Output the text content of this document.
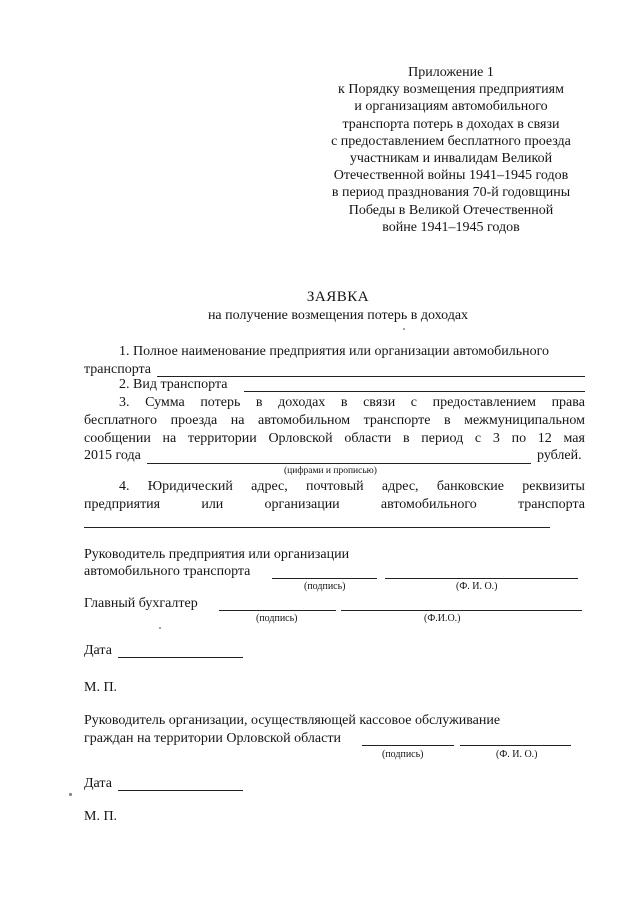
Приложение 1
к Порядку возмещения предприятиям
и организациям автомобильного
транспорта потерь в доходах в связи
с предоставлением бесплатного проезда
участникам и инвалидам Великой
Отечественной войны 1941–1945 годов
в период празднования 70-й годовщины
Победы в Великой Отечественной
войне 1941–1945 годов
ЗАЯВКА
на получение возмещения потерь в доходах
1. Полное наименование предприятия или организации автомобильного
транспорта
2. Вид транспорта
3. Сумма потерь в доходах в связи с предоставлением права
бесплатного проезда на автомобильном транспорте в межмуниципальном
сообщении на территории Орловской области в период с 3 по 12 мая
2015 года	рублей.
(цифрами и прописью)
4. Юридический адрес, почтовый адрес, банковские реквизиты
предприятия	или	организации	автомобильного	транспорта
Руководитель предприятия или организации
автомобильного транспорта
(подпись)	(Ф. И. О.)
Главный бухгалтер
(подпись)	(Ф.И.О.)
Дата
М. П.
Руководитель организации, осуществляющей кассовое обслуживание
граждан на территории Орловской области
(подпись)	(Ф. И. О.)
Дата
М. П.
